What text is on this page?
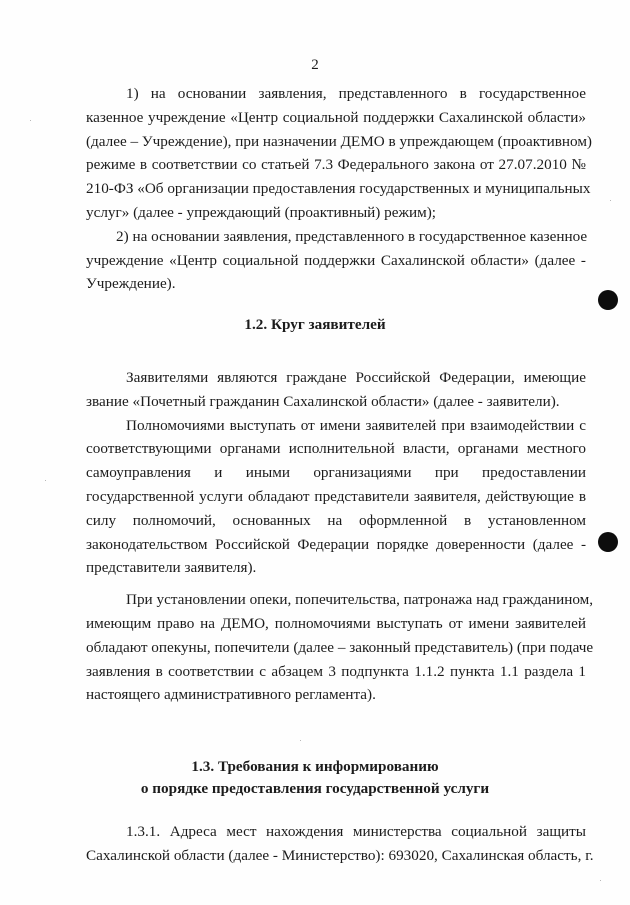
2
1) на основании заявления, представленного в государственное
казенное учреждение «Центр социальной поддержки Сахалинской области»
(далее – Учреждение), при назначении ДЕМО в упреждающем (проактивном)
режиме в соответствии со статьей 7.3 Федерального закона от 27.07.2010 №
210-ФЗ «Об организации предоставления государственных и муниципальных
услуг» (далее - упреждающий (проактивный) режим);
2) на основании заявления, представленного в государственное казенное
учреждение «Центр социальной поддержки Сахалинской области» (далее -
Учреждение).
1.2. Круг заявителей
Заявителями являются граждане Российской Федерации, имеющие
звание «Почетный гражданин Сахалинской области» (далее - заявители).
Полномочиями выступать от имени заявителей при взаимодействии с
соответствующими органами исполнительной власти, органами местного
самоуправления и иными организациями при предоставлении
государственной услуги обладают представители заявителя, действующие в
силу полномочий, основанных на оформленной в установленном
законодательством Российской Федерации порядке доверенности (далее -
представители заявителя).
При установлении опеки, попечительства, патронажа над гражданином,
имеющим право на ДЕМО, полномочиями выступать от имени заявителей
обладают опекуны, попечители (далее – законный представитель) (при подаче
заявления в соответствии с абзацем 3 подпункта 1.1.2 пункта 1.1 раздела 1
настоящего административного регламента).
1.3. Требования к информированию
о порядке предоставления государственной услуги
1.3.1. Адреса мест нахождения министерства социальной защиты
Сахалинской области (далее - Министерство): 693020, Сахалинская область, г.
